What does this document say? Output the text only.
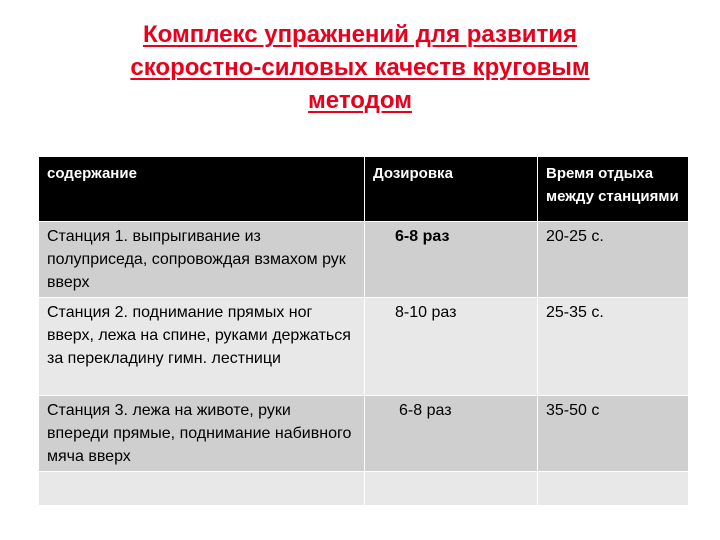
Комплекс упражнений для развития
скоростно-силовых качеств круговым
методом
содержание	Дозировка	Время отдыха между станциями
Станция 1. выпрыгивание из полуприседа, сопровождая взмахом рук вверх	6-8 раз	20-25 с.
Станция 2. поднимание прямых ног вверх, лежа на спине, руками держаться за перекладину гимн. лестници	8-10 раз	25-35 с.
Станция 3. лежа на животе, руки впереди прямые, поднимание набивного мяча вверх	6-8 раз	35-50 с
